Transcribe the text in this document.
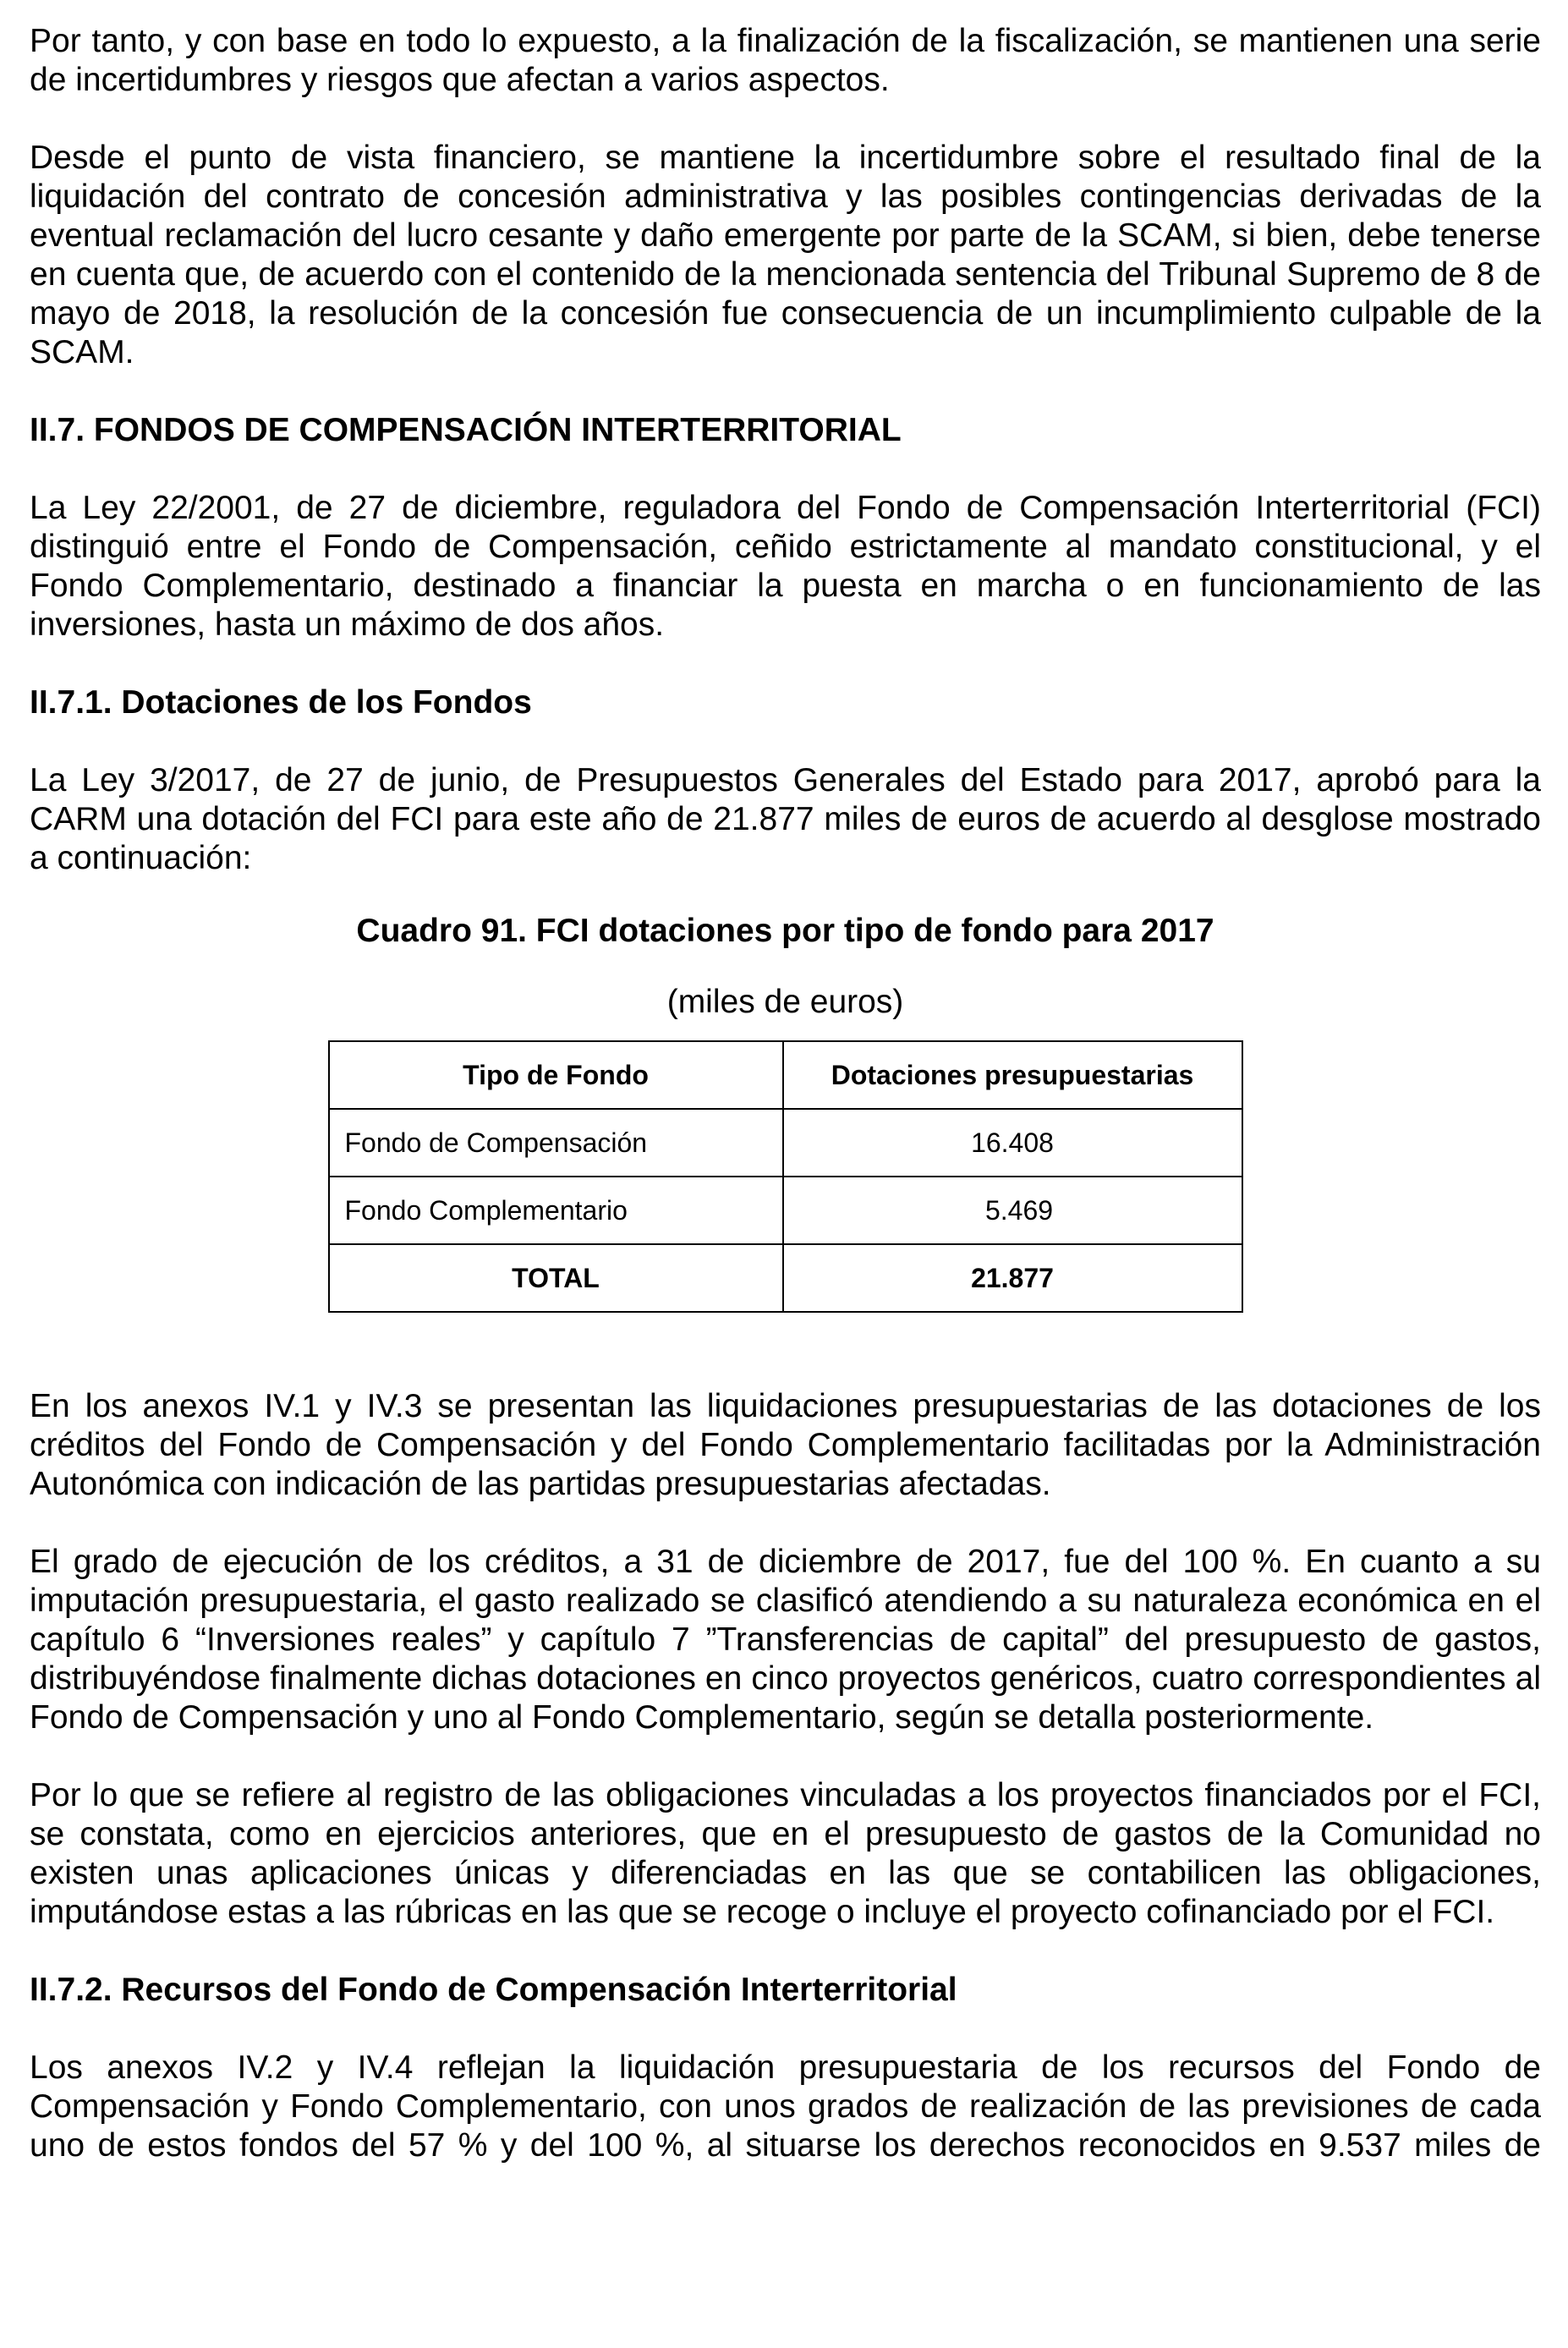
Por tanto, y con base en todo lo expuesto, a la finalización de la fiscalización, se mantienen una serie de incertidumbres y riesgos que afectan a varios aspectos.

Desde el punto de vista financiero, se mantiene la incertidumbre sobre el resultado final de la liquidación del contrato de concesión administrativa y las posibles contingencias derivadas de la eventual reclamación del lucro cesante y daño emergente por parte de la SCAM, si bien, debe tenerse en cuenta que, de acuerdo con el contenido de la mencionada sentencia del Tribunal Supremo de 8 de mayo de 2018, la resolución de la concesión fue consecuencia de un incumplimiento culpable de la SCAM.

II.7. FONDOS DE COMPENSACIÓN INTERTERRITORIAL

La Ley 22/2001, de 27 de diciembre, reguladora del Fondo de Compensación Interterritorial (FCI) distinguió entre el Fondo de Compensación, ceñido estrictamente al mandato constitucional, y el Fondo Complementario, destinado a financiar la puesta en marcha o en funcionamiento de las inversiones, hasta un máximo de dos años.

II.7.1. Dotaciones de los Fondos

La Ley 3/2017, de 27 de junio, de Presupuestos Generales del Estado para 2017, aprobó para la CARM una dotación del FCI para este año de 21.877 miles de euros de acuerdo al desglose mostrado a continuación:

Cuadro 91. FCI dotaciones por tipo de fondo para 2017
(miles de euros)
Tipo de Fondo	Dotaciones presupuestarias
Fondo de Compensación	16.408
Fondo Complementario	5.469
TOTAL	21.877

En los anexos IV.1 y IV.3 se presentan las liquidaciones presupuestarias de las dotaciones de los créditos del Fondo de Compensación y del Fondo Complementario facilitadas por la Administración Autonómica con indicación de las partidas presupuestarias afectadas.

El grado de ejecución de los créditos, a 31 de diciembre de 2017, fue del 100 %. En cuanto a su imputación presupuestaria, el gasto realizado se clasificó atendiendo a su naturaleza económica en el capítulo 6 “Inversiones reales” y capítulo 7 ”Transferencias de capital” del presupuesto de gastos, distribuyéndose finalmente dichas dotaciones en cinco proyectos genéricos, cuatro correspondientes al Fondo de Compensación y uno al Fondo Complementario, según se detalla posteriormente.

Por lo que se refiere al registro de las obligaciones vinculadas a los proyectos financiados por el FCI, se constata, como en ejercicios anteriores, que en el presupuesto de gastos de la Comunidad no existen unas aplicaciones únicas y diferenciadas en las que se contabilicen las obligaciones, imputándose estas a las rúbricas en las que se recoge o incluye el proyecto cofinanciado por el FCI.

II.7.2. Recursos del Fondo de Compensación Interterritorial

Los anexos IV.2 y IV.4 reflejan la liquidación presupuestaria de los recursos del Fondo de Compensación y Fondo Complementario, con unos grados de realización de las previsiones de cada uno de estos fondos del 57 % y del 100 %, al situarse los derechos reconocidos en 9.537 miles de
